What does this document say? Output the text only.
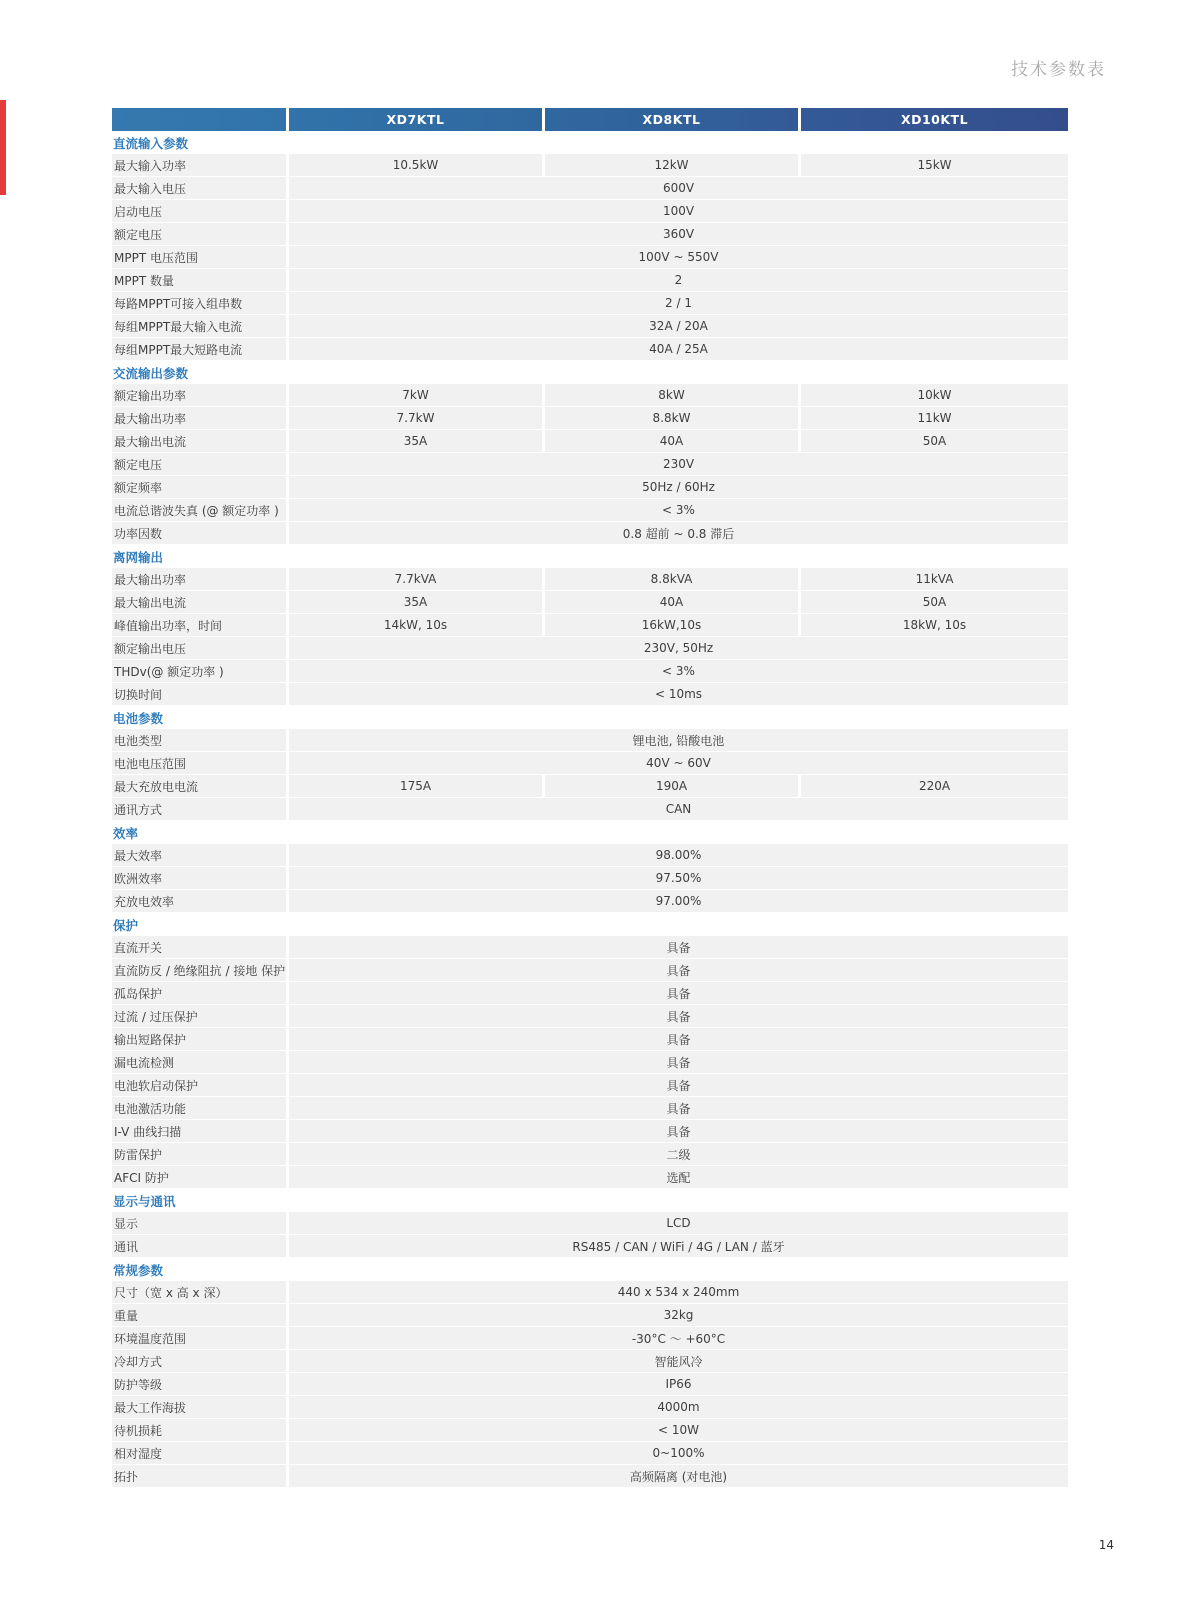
技术参数表
XD7KTL	XD8KTL	XD10KTL
直流输入参数
最大输入功率	10.5kW	12kW	15kW
最大输入电压	600V
启动电压	100V
额定电压	360V
MPPT 电压范围	100V ~ 550V
MPPT 数量	2
每路MPPT可接入组串数	2 / 1
每组MPPT最大输入电流	32A / 20A
每组MPPT最大短路电流	40A / 25A
交流输出参数
额定输出功率	7kW	8kW	10kW
最大输出功率	7.7kW	8.8kW	11kW
最大输出电流	35A	40A	50A
额定电压	230V
额定频率	50Hz / 60Hz
电流总谐波失真 (@ 额定功率 )	< 3%
功率因数	0.8 超前 ~ 0.8 滞后
离网输出
最大输出功率	7.7kVA	8.8kVA	11kVA
最大输出电流	35A	40A	50A
峰值输出功率，时间	14kW, 10s	16kW,10s	18kW, 10s
额定输出电压	230V, 50Hz
THDv(@ 额定功率 )	< 3%
切换时间	< 10ms
电池参数
电池类型	锂电池, 铅酸电池
电池电压范围	40V ~ 60V
最大充放电电流	175A	190A	220A
通讯方式	CAN
效率
最大效率	98.00%
欧洲效率	97.50%
充放电效率	97.00%
保护
直流开关	具备
直流防反 / 绝缘阻抗 / 接地 保护	具备
孤岛保护	具备
过流 / 过压保护	具备
输出短路保护	具备
漏电流检测	具备
电池软启动保护	具备
电池激活功能	具备
I-V 曲线扫描	具备
防雷保护	二级
AFCI 防护	选配
显示与通讯
显示	LCD
通讯	RS485 / CAN / WiFi / 4G / LAN / 蓝牙
常规参数
尺寸（宽 x 高 x 深）	440 x 534 x 240mm
重量	32kg
环境温度范围	-30°C ～ +60°C
冷却方式	智能风冷
防护等级	IP66
最大工作海拔	4000m
待机损耗	< 10W
相对湿度	0~100%
拓扑	高频隔离 (对电池)
14
